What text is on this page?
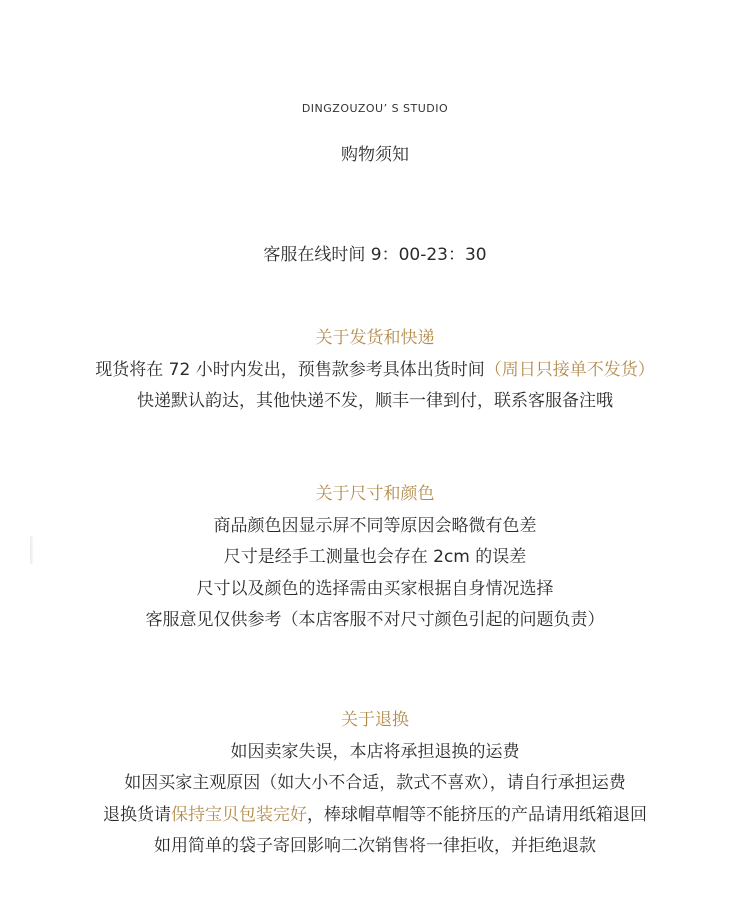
DINGZOUZOU’ S STUDIO
购物须知
客服在线时间 9：00-23：30
关于发货和快递
现货将在 72 小时内发出，预售款参考具体出货时间（周日只接单不发货）
快递默认韵达，其他快递不发，顺丰一律到付，联系客服备注哦
关于尺寸和颜色
商品颜色因显示屏不同等原因会略微有色差
尺寸是经手工测量也会存在 2cm 的误差
尺寸以及颜色的选择需由买家根据自身情况选择
客服意见仅供参考（本店客服不对尺寸颜色引起的问题负责）
关于退换
如因卖家失误，本店将承担退换的运费
如因买家主观原因（如大小不合适，款式不喜欢），请自行承担运费
退换货请保持宝贝包装完好，棒球帽草帽等不能挤压的产品请用纸箱退回
如用简单的袋子寄回影响二次销售将一律拒收，并拒绝退款
